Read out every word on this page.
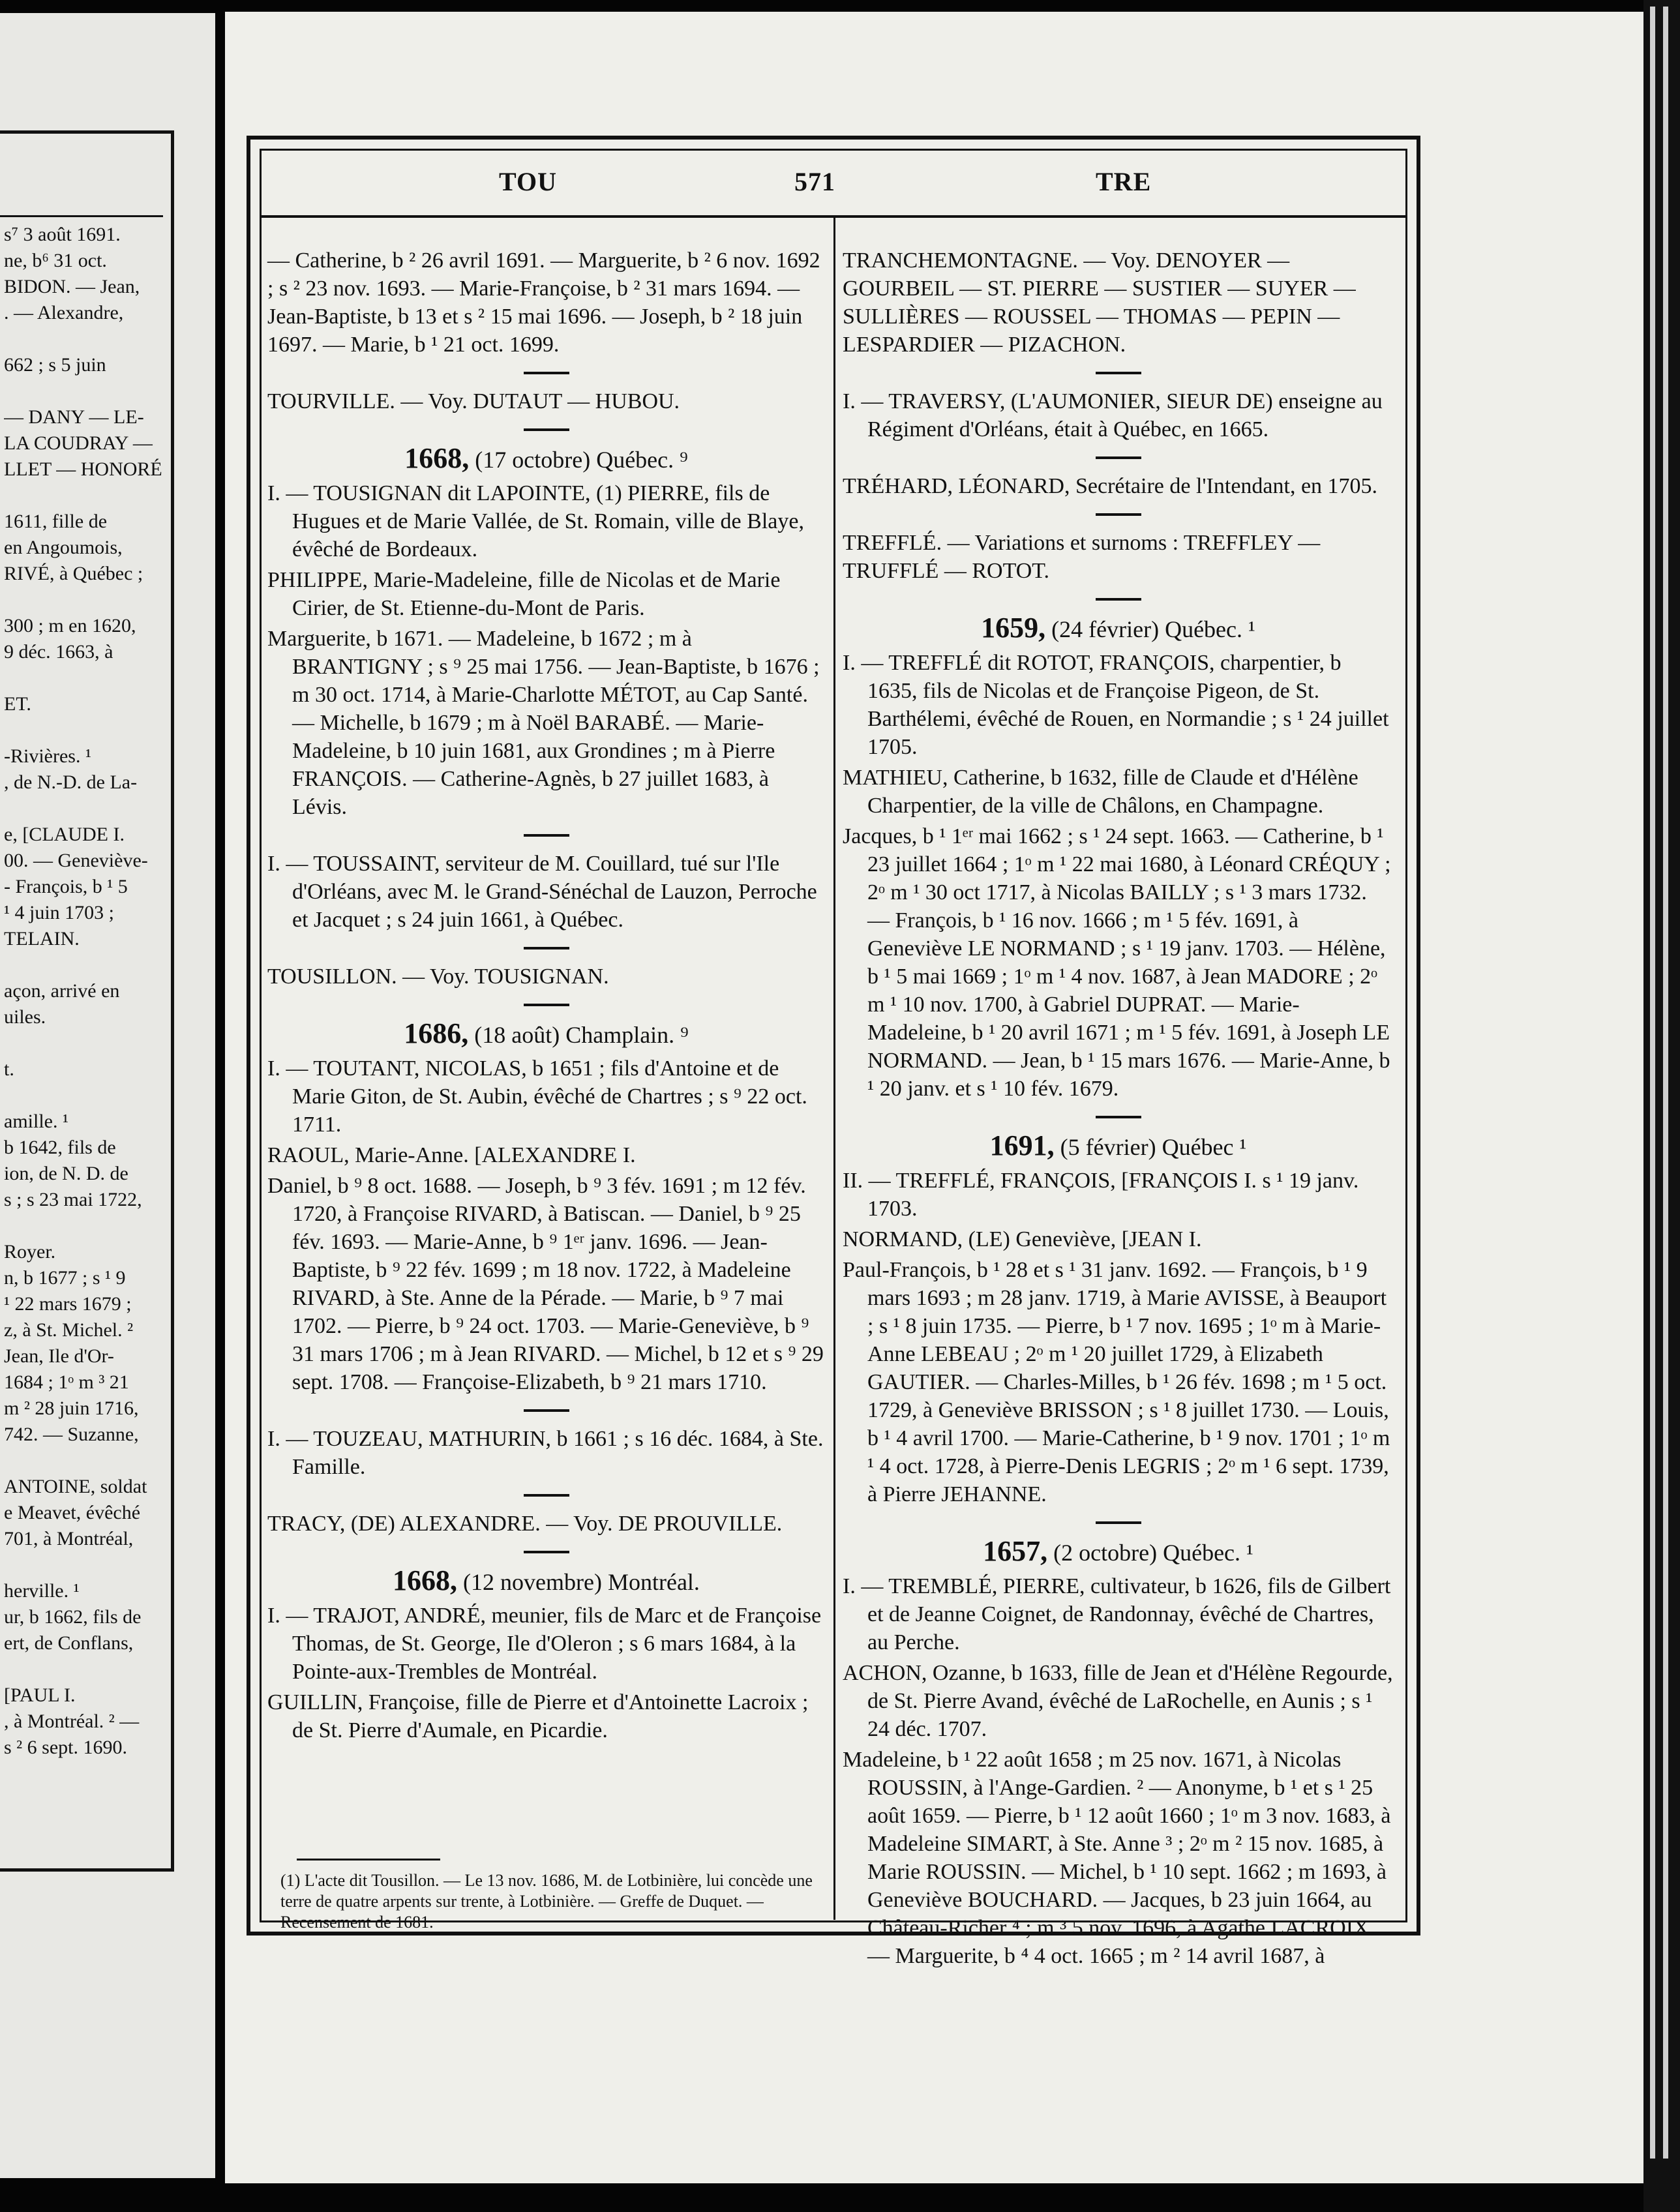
s⁷ 3 août 1691.
ne, b⁶ 31 oct.
BIDON. — Jean,
. — Alexandre,
662 ; s 5 juin
— DANY — LE-
LA COUDRAY —
LLET — HONORÉ
1611, fille de
en Angoumois,
RIVÉ, à Québec ;
300 ; m en 1620,
9 déc. 1663, à
ET.
-Rivières. ¹
, de N.-D. de La-
e, [CLAUDE I.
00. — Geneviève-
- François, b ¹ 5
¹ 4 juin 1703 ;
TELAIN.
açon, arrivé en
uiles.
t.
amille. ¹
b 1642, fils de
ion, de N. D. de
s ; s 23 mai 1722,
Royer.
n, b 1677 ; s ¹ 9
¹ 22 mars 1679 ;
z, à St. Michel. ²
Jean, Ile d'Or-
1684 ; 1ᵒ m ³ 21
m ² 28 juin 1716,
742. — Suzanne,
ANTOINE, soldat
e Meavet, évêché
701, à Montréal,
herville. ¹
ur, b 1662, fils de
ert, de Conflans,
[PAUL I.
, à Montréal. ² —
s ² 6 sept. 1690.
TOU	571	TRE

— Catherine, b ² 26 avril 1691. — Marguerite, b ² 6 nov. 1692 ; s ² 23 nov. 1693. — Marie-Françoise, b ² 31 mars 1694. — Jean-Baptiste, b 13 et s ² 15 mai 1696. — Joseph, b ² 18 juin 1697. — Marie, b ¹ 21 oct. 1699.

TOURVILLE. — Voy. DUTAUT — HUBOU.

1668, (17 octobre) Québec. ⁹

I. — TOUSIGNAN dit LAPOINTE, (1) PIERRE, fils de Hugues et de Marie Vallée, de St. Romain, ville de Blaye, évêché de Bordeaux.

PHILIPPE, Marie-Madeleine, fille de Nicolas et de Marie Cirier, de St. Etienne-du-Mont de Paris.

Marguerite, b 1671. — Madeleine, b 1672 ; m à BRANTIGNY ; s ⁹ 25 mai 1756. — Jean-Baptiste, b 1676 ; m 30 oct. 1714, à Marie-Charlotte MÉTOT, au Cap Santé. — Michelle, b 1679 ; m à Noël BARABÉ. — Marie-Madeleine, b 10 juin 1681, aux Grondines ; m à Pierre FRANÇOIS. — Catherine-Agnès, b 27 juillet 1683, à Lévis.

I. — TOUSSAINT, serviteur de M. Couillard, tué sur l'Ile d'Orléans, avec M. le Grand-Sénéchal de Lauzon, Perroche et Jacquet ; s 24 juin 1661, à Québec.

TOUSILLON. — Voy. TOUSIGNAN.

1686, (18 août) Champlain. ⁹

I. — TOUTANT, NICOLAS, b 1651 ; fils d'Antoine et de Marie Giton, de St. Aubin, évêché de Chartres ; s ⁹ 22 oct. 1711.

RAOUL, Marie-Anne. [ALEXANDRE I.

Daniel, b ⁹ 8 oct. 1688. — Joseph, b ⁹ 3 fév. 1691 ; m 12 fév. 1720, à Françoise RIVARD, à Batiscan. — Daniel, b ⁹ 25 fév. 1693. — Marie-Anne, b ⁹ 1ᵉʳ janv. 1696. — Jean-Baptiste, b ⁹ 22 fév. 1699 ; m 18 nov. 1722, à Madeleine RIVARD, à Ste. Anne de la Pérade. — Marie, b ⁹ 7 mai 1702. — Pierre, b ⁹ 24 oct. 1703. — Marie-Geneviève, b ⁹ 31 mars 1706 ; m à Jean RIVARD. — Michel, b 12 et s ⁹ 29 sept. 1708. — Françoise-Elizabeth, b ⁹ 21 mars 1710.

I. — TOUZEAU, MATHURIN, b 1661 ; s 16 déc. 1684, à Ste. Famille.

TRACY, (DE) ALEXANDRE. — Voy. DE PROUVILLE.

1668, (12 novembre) Montréal.

I. — TRAJOT, ANDRÉ, meunier, fils de Marc et de Françoise Thomas, de St. George, Ile d'Oleron ; s 6 mars 1684, à la Pointe-aux-Trembles de Montréal.

GUILLIN, Françoise, fille de Pierre et d'Antoinette Lacroix ; de St. Pierre d'Aumale, en Picardie.

TRANCHEMONTAGNE. — Voy. DENOYER — GOURBEIL — ST. PIERRE — SUSTIER — SUYER — SULLIÈRES — ROUSSEL — THOMAS — PEPIN — LESPARDIER — PIZACHON.

I. — TRAVERSY, (L'AUMONIER, SIEUR DE) enseigne au Régiment d'Orléans, était à Québec, en 1665.

TRÉHARD, LÉONARD, Secrétaire de l'Intendant, en 1705.

TREFFLÉ. — Variations et surnoms : TREFFLEY — TRUFFLÉ — ROTOT.

1659, (24 février) Québec. ¹

I. — TREFFLÉ dit ROTOT, FRANÇOIS, charpentier, b 1635, fils de Nicolas et de Françoise Pigeon, de St. Barthélemi, évêché de Rouen, en Normandie ; s ¹ 24 juillet 1705.

MATHIEU, Catherine, b 1632, fille de Claude et d'Hélène Charpentier, de la ville de Châlons, en Champagne.

Jacques, b ¹ 1ᵉʳ mai 1662 ; s ¹ 24 sept. 1663. — Catherine, b ¹ 23 juillet 1664 ; 1ᵒ m ¹ 22 mai 1680, à Léonard CRÉQUY ; 2ᵒ m ¹ 30 oct 1717, à Nicolas BAILLY ; s ¹ 3 mars 1732. — François, b ¹ 16 nov. 1666 ; m ¹ 5 fév. 1691, à Geneviève LE NORMAND ; s ¹ 19 janv. 1703. — Hélène, b ¹ 5 mai 1669 ; 1ᵒ m ¹ 4 nov. 1687, à Jean MADORE ; 2ᵒ m ¹ 10 nov. 1700, à Gabriel DUPRAT. — Marie-Madeleine, b ¹ 20 avril 1671 ; m ¹ 5 fév. 1691, à Joseph LE NORMAND. — Jean, b ¹ 15 mars 1676. — Marie-Anne, b ¹ 20 janv. et s ¹ 10 fév. 1679.

1691, (5 février) Québec ¹

II. — TREFFLÉ, FRANÇOIS, [FRANÇOIS I. s ¹ 19 janv. 1703.

NORMAND, (LE) Geneviève, [JEAN I.

Paul-François, b ¹ 28 et s ¹ 31 janv. 1692. — François, b ¹ 9 mars 1693 ; m 28 janv. 1719, à Marie AVISSE, à Beauport ; s ¹ 8 juin 1735. — Pierre, b ¹ 7 nov. 1695 ; 1ᵒ m à Marie-Anne LEBEAU ; 2ᵒ m ¹ 20 juillet 1729, à Elizabeth GAUTIER. — Charles-Milles, b ¹ 26 fév. 1698 ; m ¹ 5 oct. 1729, à Geneviève BRISSON ; s ¹ 8 juillet 1730. — Louis, b ¹ 4 avril 1700. — Marie-Catherine, b ¹ 9 nov. 1701 ; 1ᵒ m ¹ 4 oct. 1728, à Pierre-Denis LEGRIS ; 2ᵒ m ¹ 6 sept. 1739, à Pierre JEHANNE.

1657, (2 octobre) Québec. ¹

I. — TREMBLÉ, PIERRE, cultivateur, b 1626, fils de Gilbert et de Jeanne Coignet, de Randonnay, évêché de Chartres, au Perche.

ACHON, Ozanne, b 1633, fille de Jean et d'Hélène Regourde, de St. Pierre Avand, évêché de LaRochelle, en Aunis ; s ¹ 24 déc. 1707.

Madeleine, b ¹ 22 août 1658 ; m 25 nov. 1671, à Nicolas ROUSSIN, à l'Ange-Gardien. ² — Anonyme, b ¹ et s ¹ 25 août 1659. — Pierre, b ¹ 12 août 1660 ; 1ᵒ m 3 nov. 1683, à Madeleine SIMART, à Ste. Anne ³ ; 2ᵒ m ² 15 nov. 1685, à Marie ROUSSIN. — Michel, b ¹ 10 sept. 1662 ; m 1693, à Geneviève BOUCHARD. — Jacques, b 23 juin 1664, au Château-Richer ⁴ ; m ³ 5 nov. 1696, à Agathe LACROIX. — Marguerite, b ⁴ 4 oct. 1665 ; m ² 14 avril 1687, à

(1) L'acte dit Tousillon. — Le 13 nov. 1686, M. de Lotbinière, lui concède une terre de quatre arpents sur trente, à Lotbinière. — Greffe de Duquet. — Recensement de 1681.
